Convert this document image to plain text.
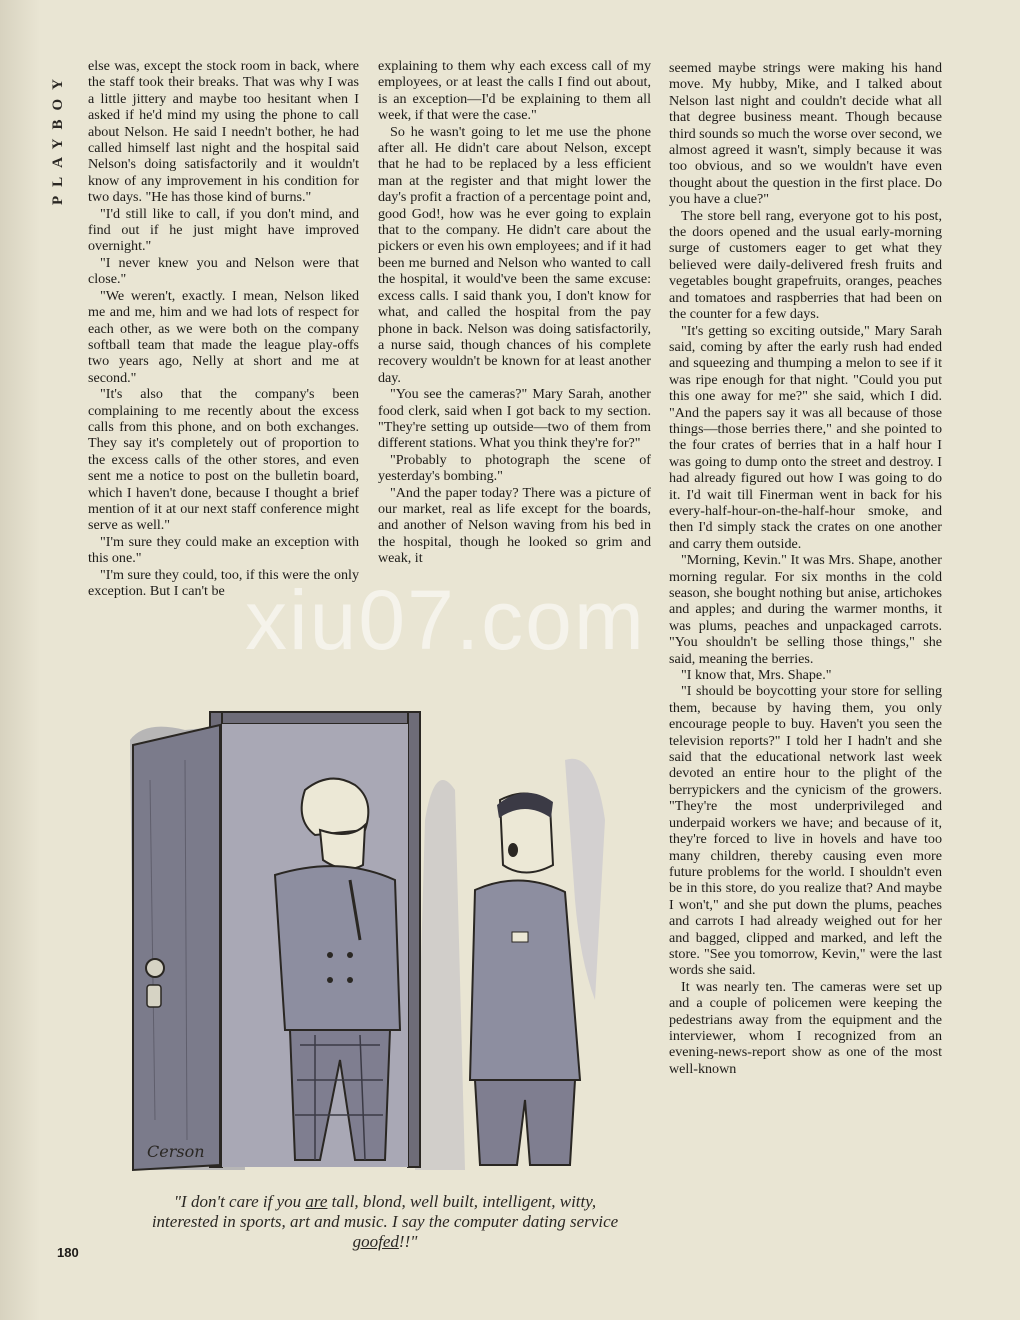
PLAYBOY

else was, except the stock room in back, where the staff took their breaks. That was why I was a little jittery and maybe too hesitant when I asked if he'd mind my using the phone to call about Nelson. He said I needn't bother, he had called himself last night and the hospital said Nelson's doing satisfactorily and it wouldn't know of any improvement in his condition for two days. "He has those kind of burns."

"I'd still like to call, if you don't mind, and find out if he just might have improved overnight."

"I never knew you and Nelson were that close."

"We weren't, exactly. I mean, Nelson liked me and me, him and we had lots of respect for each other, as we were both on the company softball team that made the league play-offs two years ago, Nelly at short and me at second."

"It's also that the company's been complaining to me recently about the excess calls from this phone, and on both exchanges. They say it's completely out of proportion to the excess calls of the other stores, and even sent me a notice to post on the bulletin board, which I haven't done, because I thought a brief mention of it at our next staff conference might serve as well."

"I'm sure they could make an exception with this one."

"I'm sure they could, too, if this were the only exception. But I can't be

explaining to them why each excess call of my employees, or at least the calls I find out about, is an exception—I'd be explaining to them all week, if that were the case."

So he wasn't going to let me use the phone after all. He didn't care about Nelson, except that he had to be replaced by a less efficient man at the register and that might lower the day's profit a fraction of a percentage point and, good God!, how was he ever going to explain that to the company. He didn't care about the pickers or even his own employees; and if it had been me burned and Nelson who wanted to call the hospital, it would've been the same excuse: excess calls. I said thank you, I don't know for what, and called the hospital from the pay phone in back. Nelson was doing satisfactorily, a nurse said, though chances of his complete recovery wouldn't be known for at least another day.

"You see the cameras?" Mary Sarah, another food clerk, said when I got back to my section. "They're setting up outside—two of them from different stations. What you think they're for?"

"Probably to photograph the scene of yesterday's bombing."

"And the paper today? There was a picture of our market, real as life except for the boards, and another of Nelson waving from his bed in the hospital, though he looked so grim and weak, it

seemed maybe strings were making his hand move. My hubby, Mike, and I talked about Nelson last night and couldn't decide what all that degree business meant. Though because third sounds so much the worse over second, we almost agreed it wasn't, simply because it was too obvious, and so we wouldn't have even thought about the question in the first place. Do you have a clue?"

The store bell rang, everyone got to his post, the doors opened and the usual early-morning surge of customers eager to get what they believed were daily-delivered fresh fruits and vegetables bought grapefruits, oranges, peaches and tomatoes and raspberries that had been on the counter for a few days.

"It's getting so exciting outside," Mary Sarah said, coming by after the early rush had ended and squeezing and thumping a melon to see if it was ripe enough for that night. "Could you put this one away for me?" she said, which I did. "And the papers say it was all because of those things—those berries there," and she pointed to the four crates of berries that in a half hour I was going to dump onto the street and destroy. I had already figured out how I was going to do it. I'd wait till Finerman went in back for his every-half-hour-on-the-half-hour smoke, and then I'd simply stack the crates on one another and carry them outside.

"Morning, Kevin." It was Mrs. Shape, another morning regular. For six months in the cold season, she bought nothing but anise, artichokes and apples; and during the warmer months, it was plums, peaches and unpackaged carrots. "You shouldn't be selling those things," she said, meaning the berries.

"I know that, Mrs. Shape."

"I should be boycotting your store for selling them, because by having them, you only encourage people to buy. Haven't you seen the television reports?" I told her I hadn't and she said that the educational network last week devoted an entire hour to the plight of the berrypickers and the cynicism of the growers. "They're the most underprivileged and underpaid workers we have; and because of it, they're forced to live in hovels and have too many children, thereby causing even more future problems for the world. I shouldn't even be in this store, do you realize that? And maybe I won't," and she put down the plums, peaches and carrots I had already weighed out for her and bagged, clipped and marked, and left the store. "See you tomorrow, Kevin," were the last words she said.

It was nearly ten. The cameras were set up and a couple of policemen were keeping the pedestrians away from the equipment and the interviewer, whom I recognized from an evening-news-report show as one of the most well-known

xiu07.com
Cerson
"I don't care if you are tall, blond, well built, intelligent, witty, interested in sports, art and music. I say the computer dating service goofed!!"
180
